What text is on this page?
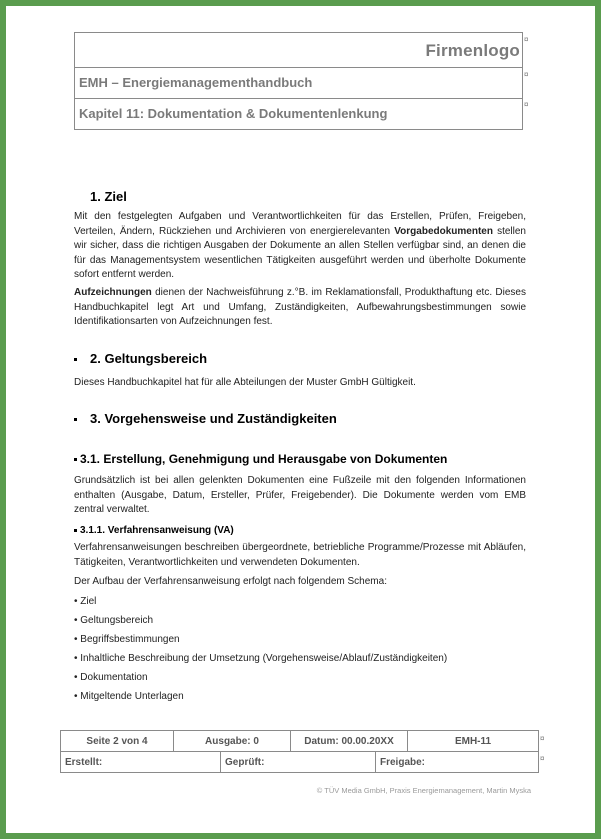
Firmenlogo
EMH – Energiemanagementhandbuch
Kapitel 11: Dokumentation & Dokumentenlenkung
¤
¤
¤
1. Ziel
Mit den festgelegten Aufgaben und Verantwortlichkeiten für das Erstellen, Prüfen, Freigeben, Verteilen, Ändern, Rückziehen und Archivieren von energierelevanten Vorgabedokumenten stellen wir sicher, dass die richtigen Ausgaben der Dokumente an allen Stellen verfügbar sind, an denen die für das Managementsystem wesentlichen Tätigkeiten ausgeführt werden und überholte Dokumente sofort entfernt werden.
Aufzeichnungen dienen der Nachweisführung z.°B. im Reklamationsfall, Produkthaftung etc. Dieses Handbuchkapitel legt Art und Umfang, Zuständigkeiten, Aufbewahrungsbestimmungen sowie Identifikationsarten von Aufzeichnungen fest.
2. Geltungsbereich
Dieses Handbuchkapitel hat für alle Abteilungen der Muster GmbH Gültigkeit.
3. Vorgehensweise und Zuständigkeiten
3.1. Erstellung, Genehmigung und Herausgabe von Dokumenten
Grundsätzlich ist bei allen gelenkten Dokumenten eine Fußzeile mit den folgenden Informationen enthalten (Ausgabe, Datum, Ersteller, Prüfer, Freigebender). Die Dokumente werden vom EMB zentral verwaltet.
3.1.1. Verfahrensanweisung (VA)
Verfahrensanweisungen beschreiben übergeordnete, betriebliche Programme/Prozesse mit Abläufen, Tätigkeiten, Verantwortlichkeiten und verwendeten Dokumenten.
Der Aufbau der Verfahrensanweisung erfolgt nach folgendem Schema:
• Ziel
• Geltungsbereich
• Begriffsbestimmungen
• Inhaltliche Beschreibung der Umsetzung (Vorgehensweise/Ablauf/Zuständigkeiten)
• Dokumentation
• Mitgeltende Unterlagen
Seite 2 von 4	Ausgabe: 0	Datum: 00.00.20XX	EMH-11
Erstellt:	Geprüft:	Freigabe:
¤
¤
© TÜV Media GmbH, Praxis Energiemanagement, Martin Myska
